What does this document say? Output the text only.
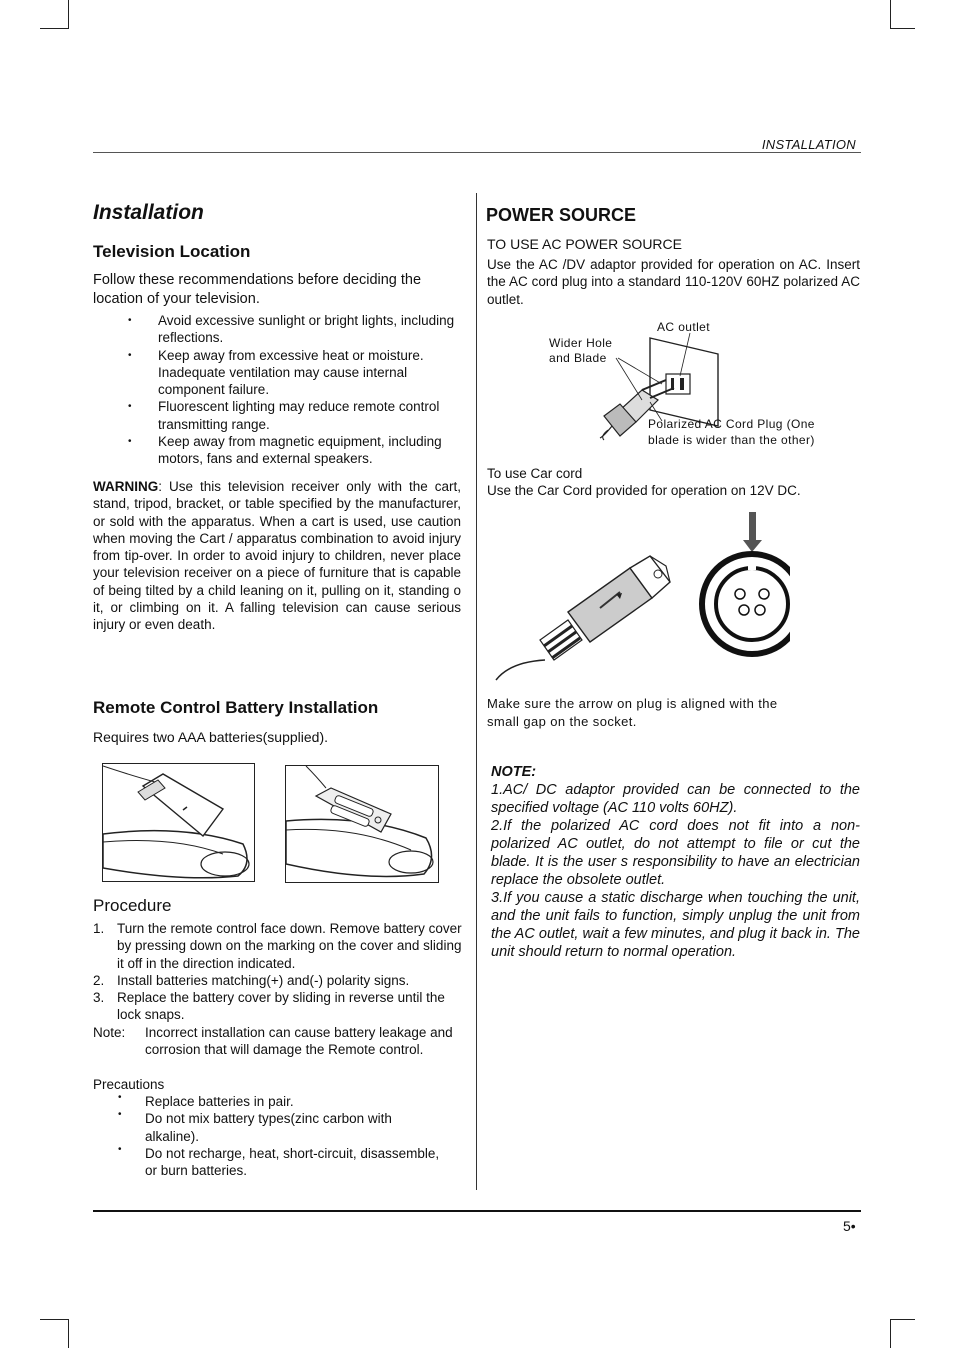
INSTALLATION
Installation
Television Location
Follow these recommendations before deciding the location of your television.
• Avoid excessive sunlight or bright lights, including reflections.
• Keep away from excessive heat or moisture. Inadequate ventilation may cause internal component failure.
• Fluorescent lighting may reduce remote control transmitting range.
• Keep away from magnetic equipment, including motors, fans and external speakers.
WARNING: Use this television receiver only with the cart, stand, tripod, bracket, or table specified by the manufacturer, or sold with the apparatus. When a cart is used, use caution when moving the Cart / apparatus combination to avoid injury from tip-over. In order to avoid injury to children, never place your television receiver on a piece of furniture that is capable of being tilted by a child leaning on it, pulling on it, standing o it, or climbing on it. A falling television can cause serious injury or even death.
Remote Control Battery Installation
Requires two AAA batteries(supplied).
Procedure
1. Turn the remote control face down. Remove battery cover by pressing down on the marking on the cover and sliding it off in the direction indicated.
2. Install batteries matching(+) and(-) polarity signs.
3. Replace the battery cover by sliding in reverse until the lock snaps.
Note: Incorrect installation can cause battery leakage and corrosion that will damage the Remote control.
Precautions
• Replace batteries in pair.
• Do not mix battery types(zinc carbon with alkaline).
• Do not recharge, heat, short-circuit, disassemble, or burn batteries.
POWER SOURCE
TO USE AC POWER SOURCE
Use the AC /DV adaptor provided for operation on AC. Insert the AC cord plug into a standard 110-120V 60HZ polarized AC outlet.
AC outlet
Wider Hole
and Blade
Polarized AC Cord Plug (One
blade is wider than the other)
To use Car cord
Use the Car Cord provided for operation on 12V DC.
Make sure the arrow on plug is aligned with the
small gap on the socket.
NOTE:
1.AC/ DC adaptor provided can be connected to the specified voltage (AC 110 volts 60HZ).
2.If the polarized AC cord does not fit into a non-polarized AC outlet, do not attempt to file or cut the blade. It is the user s responsibility to have an electrician replace the obsolete outlet.
3.If you cause a static discharge when touching the unit, and the unit fails to function, simply unplug the unit from the AC outlet, wait a few minutes, and plug it back in. The unit should return to normal operation.
5•
